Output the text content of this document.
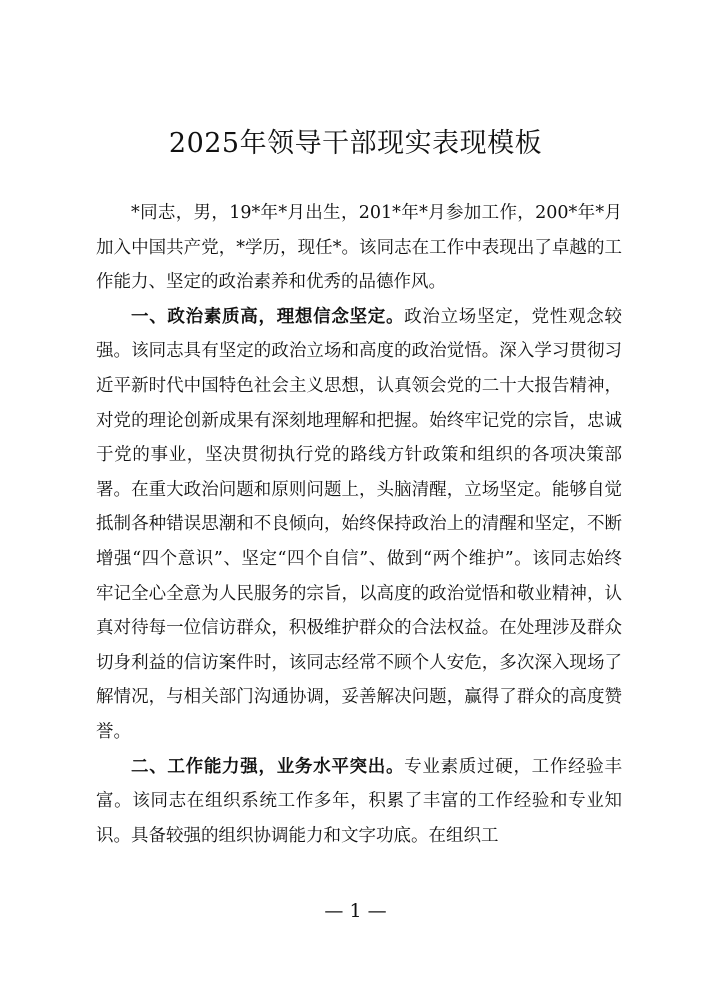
2025年领导干部现实表现模板

*同志，男，19*年*月出生，201*年*月参加工作，200*年*月加入中国共产党，*学历，现任*。该同志在工作中表现出了卓越的工作能力、坚定的政治素养和优秀的品德作风。

一、政治素质高，理想信念坚定。政治立场坚定，党性观念较强。该同志具有坚定的政治立场和高度的政治觉悟。深入学习贯彻习近平新时代中国特色社会主义思想，认真领会党的二十大报告精神，对党的理论创新成果有深刻地理解和把握。始终牢记党的宗旨，忠诚于党的事业，坚决贯彻执行党的路线方针政策和组织的各项决策部署。在重大政治问题和原则问题上，头脑清醒，立场坚定。能够自觉抵制各种错误思潮和不良倾向，始终保持政治上的清醒和坚定，不断增强“四个意识”、坚定“四个自信”、做到“两个维护”。该同志始终牢记全心全意为人民服务的宗旨，以高度的政治觉悟和敬业精神，认真对待每一位信访群众，积极维护群众的合法权益。在处理涉及群众切身利益的信访案件时，该同志经常不顾个人安危，多次深入现场了解情况，与相关部门沟通协调，妥善解决问题，赢得了群众的高度赞誉。

二、工作能力强，业务水平突出。专业素质过硬，工作经验丰富。该同志在组织系统工作多年，积累了丰富的工作经验和专业知识。具备较强的组织协调能力和文字功底。在组织工

— 1 —
